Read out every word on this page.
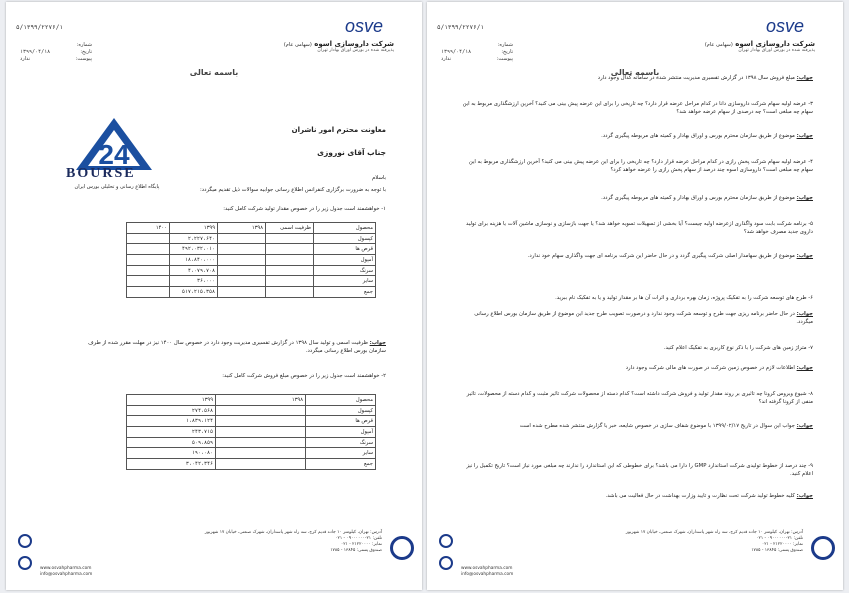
osve
شرکت داروسازی اسوه (سهامی عام)
پذیرفته شده در بورس اوراق بهادار تهران
۵/۱۳۹۹/۲۲۷۶/۱
شماره:
تاریخ:
۱۳۹۹/۰۴/۱۸
پیوست:
ندارد
باسمه تعالی
24
BOURSE
پایگاه اطلاع رسانی و تحلیلی بورس ایران
معاونت محترم امور ناشران
جناب آقای نوروزی
باسلام
با توجه به ضرورت برگزاری کنفرانس اطلاع رسانی جوابیه سوالات ذیل تقدیم میگردد:
۱- خواهشمند است جدول زیر را در خصوص مقدار تولید شرکت کامل کنید:
محصول	ظرفیت اسمی	۱۳۹۸	۱۳۹۹	۱۴۰۰
کپسول			۲،۲۲۷،۶۴۰	
قرص ها			۴۹۲،۰۳۲،۰۱۰	
آمپول			۱۸،۸۴۰،۰۰۰	
سرنگ			۴،۰۷۹،۷۰۸	
سایر			۳۶،۰۰۰	
جمع			۵۱۷،۲۱۵،۳۵۸	
جواب: ظرفیت اسمی و تولید سال ۱۳۹۸ در گزارش تفسیری مدیریت وجود دارد در خصوص سال ۱۴۰۰ نیز در مهلت مقرر شده از طرف سازمان بورس اطلاع رسانی میگردد.
۲- خواهشمند است جدول زیر را در خصوص مبلغ فروش شرکت کامل کنید:
محصول	۱۳۹۸	۱۳۹۹
کپسول		۲۷۴،۵۶۸
قرص ها		۱،۸۳۹،۱۲۴
آمپول		۲۴۳،۷۱۵
سرنگ		۵۰۹،۸۵۹
سایر		۱۹۰،۰۸۰
جمع		۳،۰۴۲،۳۴۶
آدرس: تهران، کیلومتر ۱۰ جاده قدیم کرج، سه راه شهر پاسداران، شهرک صنعتی، خیابان ۱۷ شهریور
تلفن: ۲۱-۰۹۰۰۰۰۰۰ - ۰۲۱
نمابر: ۲۱۲۲۰۰۰۰ - ۰۲۱
صندوق پستی: ۱۳۸۴۵ - ۱۷۸۵
www.osvahpharma.com
info@osvahpharma.com
osve
شرکت داروسازی اسوه (سهامی عام)
پذیرفته شده در بورس اوراق بهادار تهران
۵/۱۳۹۹/۲۲۷۶/۱
شماره:
تاریخ:
۱۳۹۹/۰۴/۱۸
پیوست:
ندارد
باسمه تعالی
جواب: مبلغ فروش سال ۱۳۹۸ در گزارش تفسیری مدیریت منتشر شده در سامانه کدال وجود دارد
۳- عرضه اولیه سهام شرکت داروسازی دانا در کدام مراحل عرضه قرار دارد؟ چه تاریخی را برای این عرضه پیش بینی می کنید؟ آخرین ارزشگذاری مربوط به این سهام چه مبلغی است؟ چه درصدی از سهام عرضه خواهد شد؟
جواب: موضوع از طریق سازمان محترم بورس و اوراق بهادار و کمیته های مربوطه پیگیری گردد.
۴- عرضه اولیه سهام شرکت پخش رازی در کدام مراحل عرضه قرار دارد؟ چه تاریخی را برای این عرضه پیش بینی می کنید؟ آخرین ارزشگذاری مربوط به این سهام چه مبلغی است؟ داروسازی اسوه چند درصد از سهام پخش رازی را عرضه خواهد کرد؟
جواب: موضوع از طریق سازمان محترم بورس و اوراق بهادار و کمیته های مربوطه پیگیری گردد.
۵- برنامه شرکت بابت سود واگذاری ازعرضه اولیه چیست؟ آیا بخشی از تسهیلات تسویه خواهد شد؟ یا جهت بازسازی و نوسازی ماشین آلات یا هزینه برای تولید داروی جدید مصرف خواهد شد؟
جواب: موضوع از طریق سهامدار اصلی شرکت پیگیری گردد و در حال حاضر این شرکت برنامه ای جهت واگذاری سهام خود ندارد.
۶- طرح های توسعه شرکت را به تفکیک پروژه، زمان بهره برداری و اثرات آن ها بر مقدار تولید و یا به تفکیک نام ببرید.
جواب: در حال حاضر برنامه ریزی جهت طرح و توسعه شرکت وجود ندارد و درصورت تصویب طرح جدید این موضوع از طریق سازمان بورس اطلاع رسانی میگردد.
۷- متراژ زمین های شرکت را با ذکر نوع کاربری به تفکیک اعلام کنید.
جواب: اطلاعات لازم در خصوص زمین شرکت در صورت های مالی شرکت وجود دارد
۸- شیوع ویروس کرونا چه تاثیری بر روند مقدار تولید و فروش شرکت داشته است؟ کدام دسته از محصولات شرکت تاثیر مثبت و کدام دسته از محصولات، تاثیر منفی از کرونا گرفته اند؟
جواب: جواب این سوال در تاریخ ۱۳۹۹/۰۲/۱۷ با موضوع شفاف سازی در خصوص شایعه، خبر یا گزارش منتشر شده مطرح شده است
۹- چند درصد از خطوط تولیدی شرکت استاندارد GMP را دارا می باشد؟ برای خطوطی که این استاندارد را ندارند چه مبلغی مورد نیاز است؟ تاریخ تکمیل را نیز اعلام کنید.
جواب: کلیه خطوط تولید شرکت تحت نظارت و تایید وزارت بهداشت در حال فعالیت می باشد.
آدرس: تهران، کیلومتر ۱۰ جاده قدیم کرج، سه راه شهر پاسداران، شهرک صنعتی، خیابان ۱۷ شهریور
تلفن: ۲۱-۰۹۰۰۰۰۰۰ - ۰۲۱
نمابر: ۲۱۲۲۰۰۰۰ - ۰۲۱
صندوق پستی: ۱۳۸۴۵ - ۱۷۸۵
www.osvahpharma.com
info@osvahpharma.com
